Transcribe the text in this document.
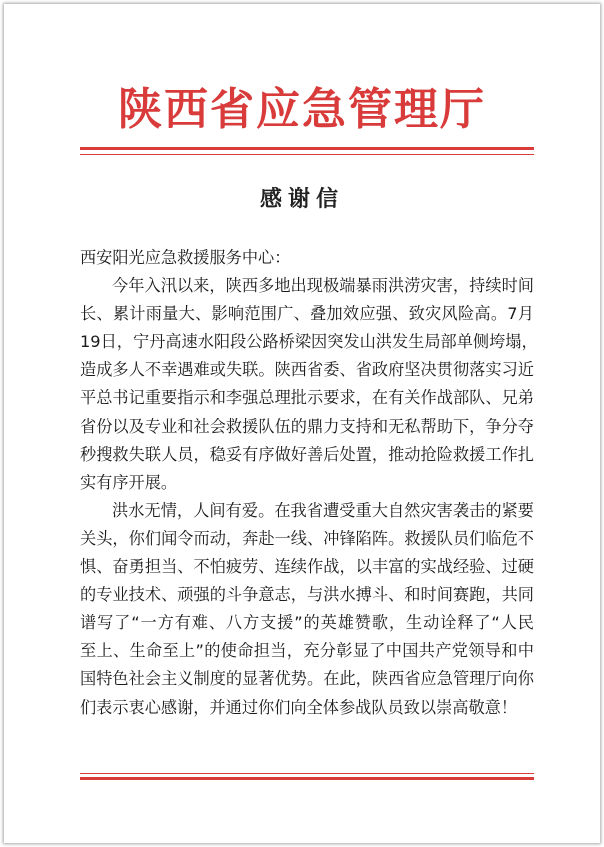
陕西省应急管理厅
感谢信

西安阳光应急救援服务中心：

今年入汛以来，陕西多地出现极端暴雨洪涝灾害，持续时间
长、累计雨量大、影响范围广、叠加效应强、致灾风险高。7月
19日，宁丹高速水阳段公路桥梁因突发山洪发生局部单侧垮塌，
造成多人不幸遇难或失联。陕西省委、省政府坚决贯彻落实习近
平总书记重要指示和李强总理批示要求，在有关作战部队、兄弟
省份以及专业和社会救援队伍的鼎力支持和无私帮助下，争分夺
秒搜救失联人员，稳妥有序做好善后处置，推动抢险救援工作扎
实有序开展。

洪水无情，人间有爱。在我省遭受重大自然灾害袭击的紧要
关头，你们闻令而动，奔赴一线、冲锋陷阵。救援队员们临危不
惧、奋勇担当、不怕疲劳、连续作战，以丰富的实战经验、过硬
的专业技术、顽强的斗争意志，与洪水搏斗、和时间赛跑，共同
谱写了“一方有难、八方支援”的英雄赞歌，生动诠释了“人民
至上、生命至上”的使命担当，充分彰显了中国共产党领导和中
国特色社会主义制度的显著优势。在此，陕西省应急管理厅向你
们表示衷心感谢，并通过你们向全体参战队员致以崇高敬意！
